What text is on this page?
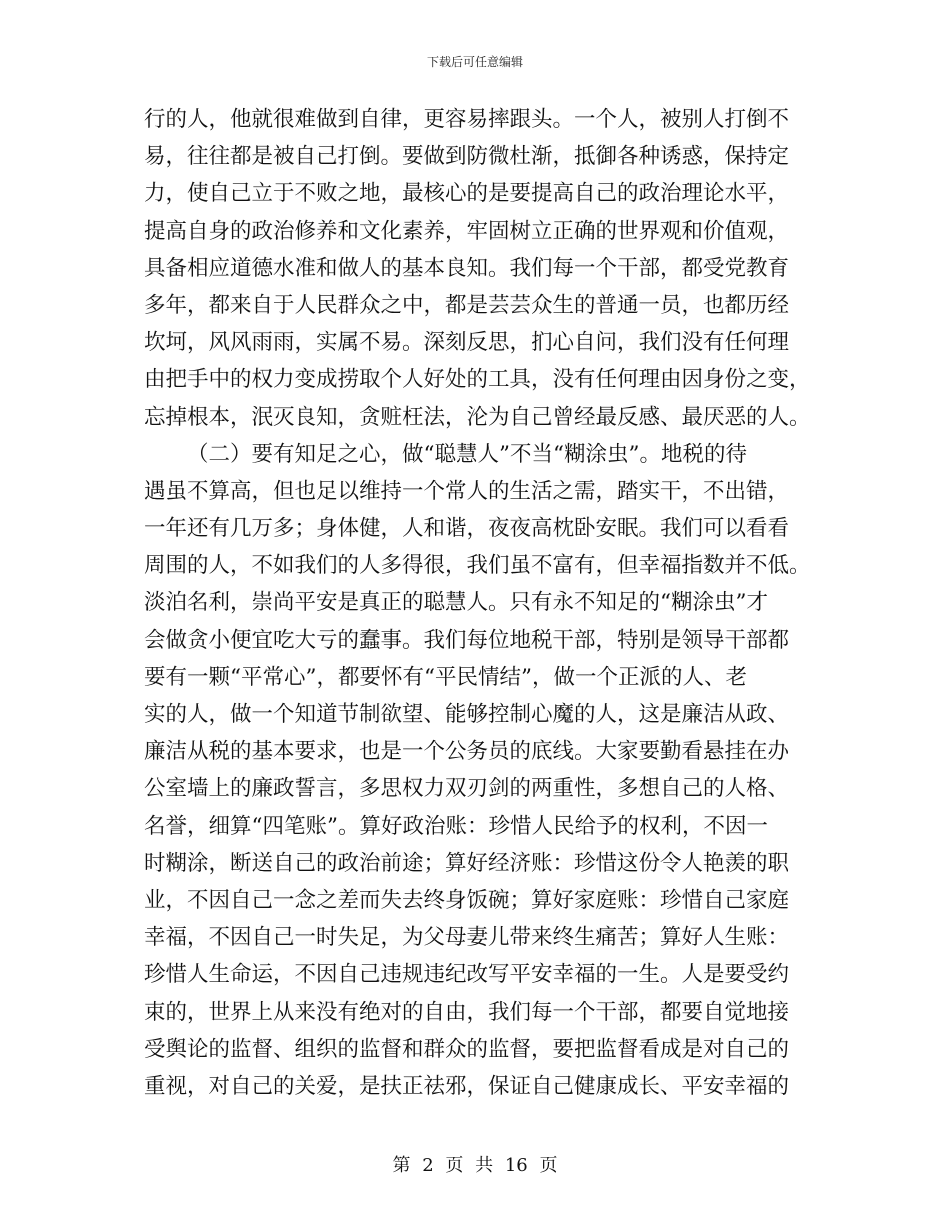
下载后可任意编辑
行的人，他就很难做到自律，更容易摔跟头。一个人，被别人打倒不
易，往往都是被自己打倒。要做到防微杜渐，抵御各种诱惑，保持定
力，使自己立于不败之地，最核心的是要提高自己的政治理论水平，
提高自身的政治修养和文化素养，牢固树立正确的世界观和价值观，
具备相应道德水准和做人的基本良知。我们每一个干部，都受党教育
多年，都来自于人民群众之中，都是芸芸众生的普通一员，也都历经
坎坷，风风雨雨，实属不易。深刻反思，扪心自问，我们没有任何理
由把手中的权力变成捞取个人好处的工具，没有任何理由因身份之变，
忘掉根本，泯灭良知，贪赃枉法，沦为自己曾经最反感、最厌恶的人。
（二）要有知足之心，做“聪慧人”不当“糊涂虫”。地税的待
遇虽不算高，但也足以维持一个常人的生活之需，踏实干，不出错，
一年还有几万多；身体健，人和谐，夜夜高枕卧安眠。我们可以看看
周围的人，不如我们的人多得很，我们虽不富有，但幸福指数并不低。
淡泊名利，崇尚平安是真正的聪慧人。只有永不知足的“糊涂虫”才
会做贪小便宜吃大亏的蠢事。我们每位地税干部，特别是领导干部都
要有一颗“平常心”，都要怀有“平民情结”，做一个正派的人、老
实的人，做一个知道节制欲望、能够控制心魔的人，这是廉洁从政、
廉洁从税的基本要求，也是一个公务员的底线。大家要勤看悬挂在办
公室墙上的廉政誓言，多思权力双刃剑的两重性，多想自己的人格、
名誉，细算“四笔账”。算好政治账：珍惜人民给予的权利，不因一
时糊涂，断送自己的政治前途；算好经济账：珍惜这份令人艳羡的职
业，不因自己一念之差而失去终身饭碗；算好家庭账：珍惜自己家庭
幸福，不因自己一时失足，为父母妻儿带来终生痛苦；算好人生账：
珍惜人生命运，不因自己违规违纪改写平安幸福的一生。人是要受约
束的，世界上从来没有绝对的自由，我们每一个干部，都要自觉地接
受舆论的监督、组织的监督和群众的监督，要把监督看成是对自己的
重视，对自己的关爱，是扶正祛邪，保证自己健康成长、平安幸福的
第 2 页 共 16 页
